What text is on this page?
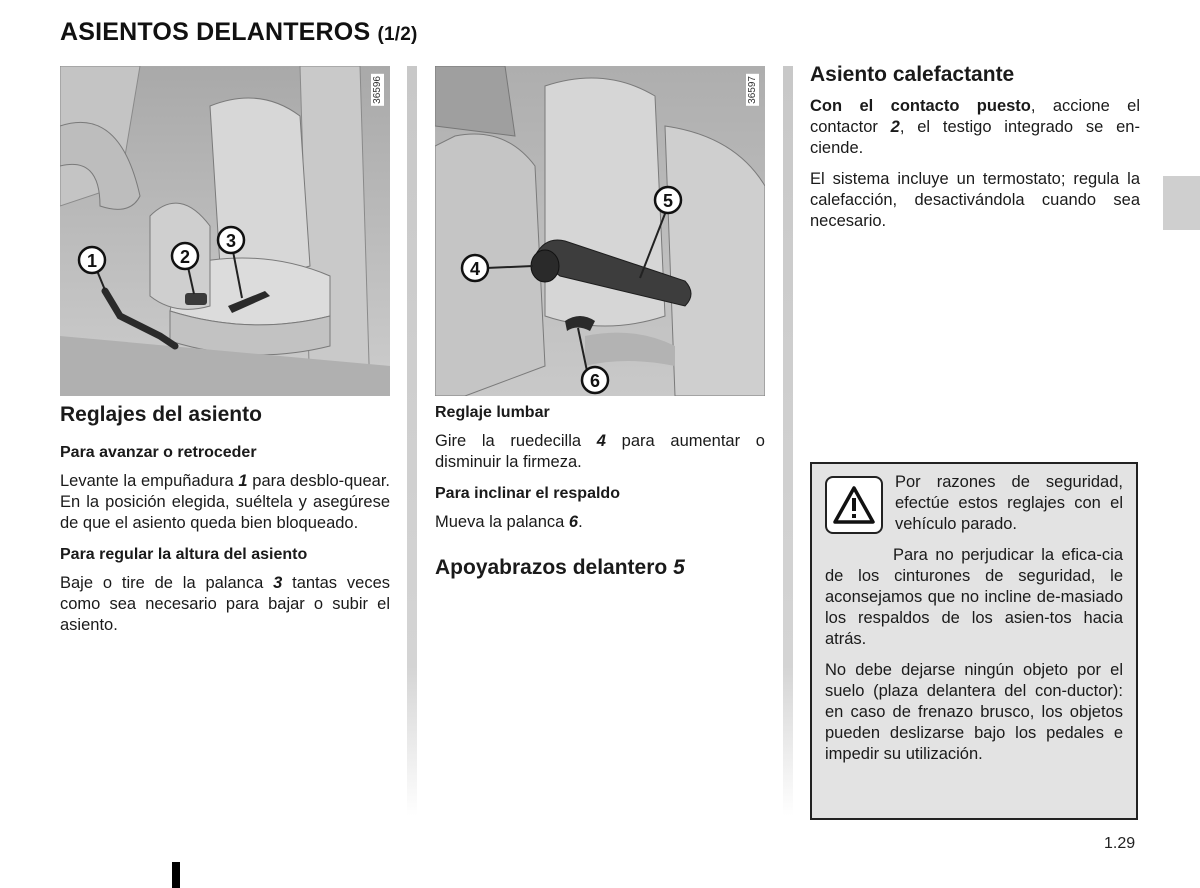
ASIENTOS DELANTEROS (1/2)
1	2
3
36596
4
5
6
36597
Reglajes del asiento
Para avanzar o retroceder

Levante la empuñadura 1 para desblo-quear. En la posición elegida, suéltela y asegúrese de que el asiento queda bien bloqueado.

Para regular la altura del asiento

Baje o tire de la palanca 3 tantas veces como sea necesario para bajar o subir el asiento.

Reglaje lumbar

Gire la ruedecilla 4 para aumentar o disminuir la firmeza.

Para inclinar el respaldo

Mueva la palanca 6.

Apoyabrazos delantero 5
Asiento calefactante

Con el contacto puesto, accione el contactor 2, el testigo integrado se en-ciende.

El sistema incluye un termostato; regula la calefacción, desactivándola cuando sea necesario.

Por razones de seguridad, efectúe estos reglajes con el vehículo parado.

Para no perjudicar la efica-cia de los cinturones de seguridad, le aconsejamos que no incline de-masiado los respaldos de los asien-tos hacia atrás.

No debe dejarse ningún objeto por el suelo (plaza delantera del con-ductor): en caso de frenazo brusco, los objetos pueden deslizarse bajo los pedales e impedir su utilización.

1.29
